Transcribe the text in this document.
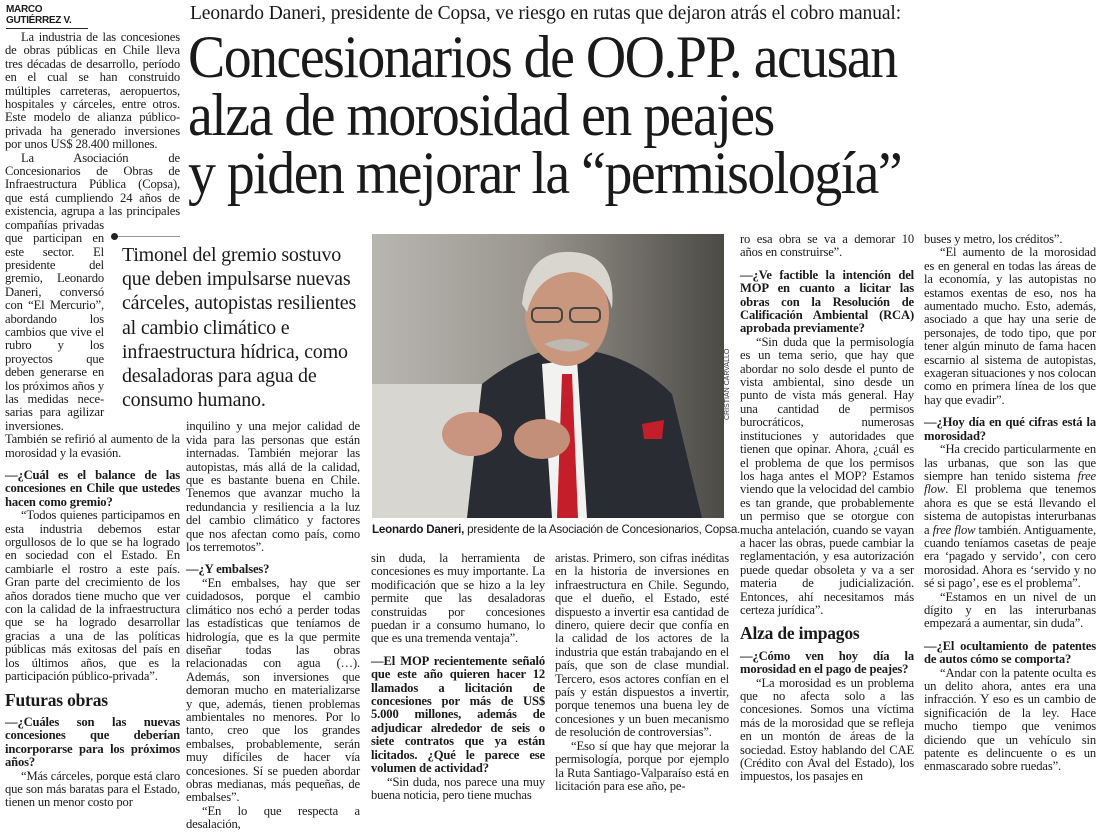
MARCO GUTIÉRREZ V.	Leonardo Daneri, presidente de Copsa, ve riesgo en rutas que dejaron atrás el cobro manual:
Concesionarios de OO.PP. acusan
alza de morosidad en peajes
y piden mejorar la “permisología”

La industria de las concesiones de obras públicas en Chile lleva tres décadas de desarrollo, período en el cual se han construido múltiples carreteras, aeropuertos, hospitales y cárceles, entre otros. Este modelo de alianza público-privada ha generado inversiones por unos US$ 28.400 millones.

La Asociación de Concesionarios de Obras de Infraestructura Pública (Copsa), que está cumpliendo 24 años de existencia, agrupa a las principales compañías privadas que participan en este sector. El presidente del gremio, Leonardo Daneri, conversó con “El Mercurio”, abordando los cambios que vive el rubro y los proyectos que deben generarse en los próximos años y las medidas nece-sarias para agilizar inversiones. También se refirió al aumento de la morosidad y la evasión.

—¿Cuál es el balance de las concesiones en Chile que ustedes hacen como gremio?

“Todos quienes participamos en esta industria debemos estar orgullosos de lo que se ha logrado en sociedad con el Estado. En cambiarle el rostro a este país. Gran parte del crecimiento de los años dorados tiene mucho que ver con la calidad de la infraestructura que se ha logrado desarrollar gracias a una de las políticas públicas más exitosas del país en los últimos años, que es la participación público-privada”.

Futuras obras

—¿Cuáles son las nuevas concesiones que deberían incorporarse para los próximos años?

“Más cárceles, porque está claro que son más baratas para el Estado, tienen un menor costo por

Timonel del gremio sostuvo que deben impulsarse nuevas cárceles, autopistas resilientes al cambio climático e infraestructura hídrica, como desaladoras para agua de consumo humano.

inquilino y una mejor calidad de vida para las personas que están internadas. También mejorar las autopistas, más allá de la calidad, que es bastante buena en Chile. Tenemos que avanzar mucho la redundancia y resiliencia a la luz del cambio climático y factores que nos afectan como país, como los terremotos”.

—¿Y embalses?

“En embalses, hay que ser cuidadosos, porque el cambio climático nos echó a perder todas las estadísticas que teníamos de hidrología, que es la que permite diseñar todas las obras relacionadas con agua (…). Además, son inversiones que demoran mucho en materializarse y que, además, tienen problemas ambientales no menores. Por lo tanto, creo que los grandes embalses, probablemente, serán muy difíciles de hacer vía concesiones. Sí se pueden abordar obras medianas, más pequeñas, de embalses”.

“En lo que respecta a desalación,

CRISTIÁN CARVALLO
Leonardo Daneri, presidente de la Asociación de Concesionarios, Copsa.

sin duda, la herramienta de concesiones es muy importante. La modificación que se hizo a la ley permite que las desaladoras construidas por concesiones puedan ir a consumo humano, lo que es una tremenda ventaja”.

—El MOP recientemente señaló que este año quieren hacer 12 llamados a licitación de concesiones por más de US$ 5.000 millones, además de adjudicar alrededor de seis o siete contratos que ya están licitados. ¿Qué le parece ese volumen de actividad?

“Sin duda, nos parece una muy buena noticia, pero tiene muchas

aristas. Primero, son cifras inéditas en la historia de inversiones en infraestructura en Chile. Segundo, que el dueño, el Estado, esté dispuesto a invertir esa cantidad de dinero, quiere decir que confía en la calidad de los actores de la industria que están trabajando en el país, que son de clase mundial. Tercero, esos actores confían en el país y están dispuestos a invertir, porque tenemos una buena ley de concesiones y un buen mecanismo de resolución de controversias”.

“Eso sí que hay que mejorar la permisología, porque por ejemplo la Ruta Santiago-Valparaíso está en licitación para ese año, pe-

ro esa obra se va a demorar 10 años en construirse”.

—¿Ve factible la intención del MOP en cuanto a licitar las obras con la Resolución de Calificación Ambiental (RCA) aprobada previamente?

“Sin duda que la permisología es un tema serio, que hay que abordar no solo desde el punto de vista ambiental, sino desde un punto de vista más general. Hay una cantidad de permisos burocráticos, numerosas instituciones y autoridades que tienen que opinar. Ahora, ¿cuál es el problema de que los permisos los haga antes el MOP? Estamos viendo que la velocidad del cambio es tan grande, que probablemente un permiso que se otorgue con mucha antelación, cuando se vayan a hacer las obras, puede cambiar la reglamentación, y esa autorización puede quedar obsoleta y va a ser materia de judicialización. Entonces, ahí necesitamos más certeza jurídica”.

Alza de impagos

—¿Cómo ven hoy día la morosidad en el pago de peajes?

“La morosidad es un problema que no afecta solo a las concesiones. Somos una víctima más de la morosidad que se refleja en un montón de áreas de la sociedad. Estoy hablando del CAE (Crédito con Aval del Estado), los impuestos, los pasajes en

buses y metro, los créditos”.

“El aumento de la morosidad es en general en todas las áreas de la economía, y las autopistas no estamos exentas de eso, nos ha aumentado mucho. Esto, además, asociado a que hay una serie de personajes, de todo tipo, que por tener algún minuto de fama hacen escarnio al sistema de autopistas, exageran situaciones y nos colocan como en primera línea de los que hay que evadir”.

—¿Hoy día en qué cifras está la morosidad?

“Ha crecido particularmente en las urbanas, que son las que siempre han tenido sistema free flow. El problema que tenemos ahora es que se está llevando el sistema de autopistas interurbanas a free flow también. Antiguamente, cuando teníamos casetas de peaje era ‘pagado y servido’, con cero morosidad. Ahora es ‘servido y no sé si pago’, ese es el problema”.

“Estamos en un nivel de un dígito y en las interurbanas empezará a aumentar, sin duda”.

—¿El ocultamiento de patentes de autos cómo se comporta?

“Andar con la patente oculta es un delito ahora, antes era una infracción. Y eso es un cambio de significación de la ley. Hace mucho tiempo que venimos diciendo que un vehículo sin patente es delincuente o es un enmascarado sobre ruedas”.
